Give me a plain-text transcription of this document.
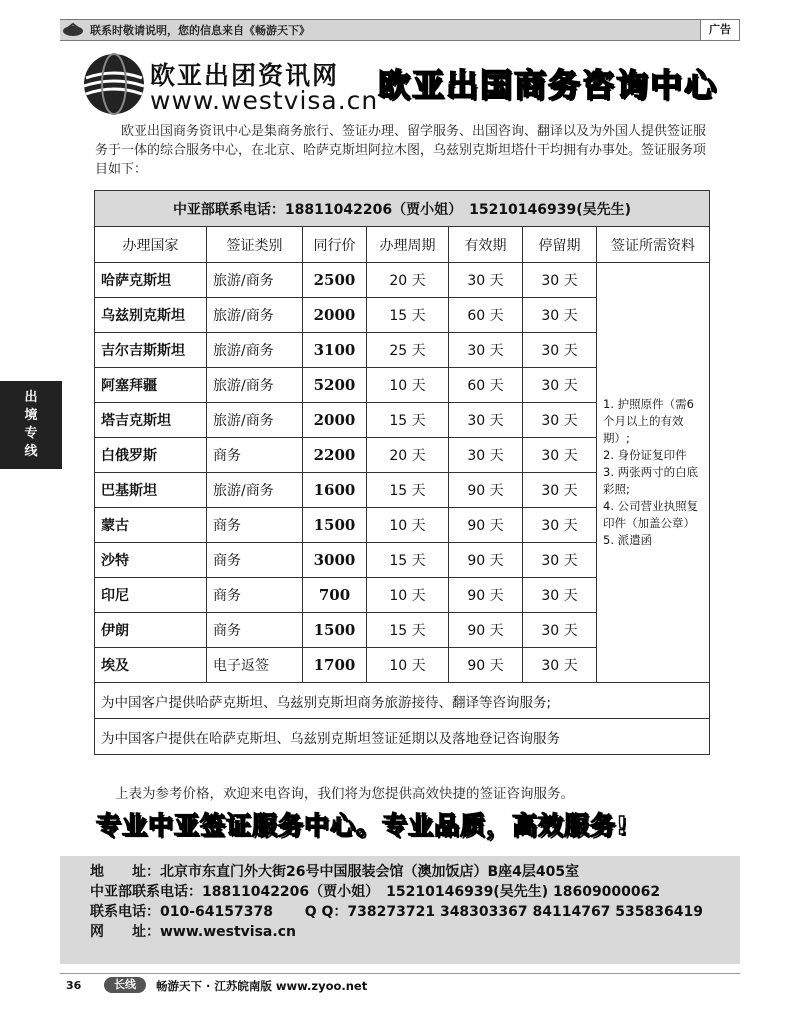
联系时敬请说明，您的信息来自《畅游天下》	广告
出境专线
欧亚出团资讯网
www.westvisa.cn 欧亚出国商务咨询中心
欧亚出国商务资讯中心是集商务旅行、签证办理、留学服务、出国咨询、翻译以及为外国人提供签证服务于一体的综合服务中心，在北京、哈萨克斯坦阿拉木图，乌兹别克斯坦塔什干均拥有办事处。签证服务项目如下：
中亚部联系电话：18811042206（贾小姐）　15210146939(吴先生)						
办理国家	签证类别	同行价	办理周期	有效期	停留期	签证所需资料
哈萨克斯坦	旅游/商务	2500	20 天	30 天	30 天	1. 护照原件（需6个月以上的有效期）;
2. 身份证复印件
3. 两张两寸的白底彩照;
4. 公司营业执照复印件（加盖公章）
5. 派遣函

乌兹别克斯坦	旅游/商务	2000	15 天	60 天	30 天	
吉尔吉斯斯坦	旅游/商务	3100	25 天	30 天	30 天	
阿塞拜疆	旅游/商务	5200	10 天	60 天	30 天	
塔吉克斯坦	旅游/商务	2000	15 天	30 天	30 天	
白俄罗斯	商务	2200	20 天	30 天	30 天	
巴基斯坦	旅游/商务	1600	15 天	90 天	30 天	
蒙古	商务	1500	10 天	90 天	30 天	
沙特	商务	3000	15 天	90 天	30 天	
印尼	商务	700	10 天	90 天	30 天	
伊朗	商务	1500	15 天	90 天	30 天	
埃及	电子返签	1700	10 天	90 天	30 天	
为中国客户提供哈萨克斯坦、乌兹别克斯坦商务旅游接待、翻译等咨询服务;						
为中国客户提供在哈萨克斯坦、乌兹别克斯坦签证延期以及落地登记咨询服务						
上表为参考价格，欢迎来电咨询，我们将为您提供高效快捷的签证咨询服务。
专业中亚签证服务中心。专业品质，高效服务!
地　　址：北京市东直门外大街26号中国服装会馆（澳加饭店）B座4层405室
中亚部联系电话：18811042206（贾小姐）　15210146939(吴先生) 18609000062
联系电话：010-64157378 Q Q：738273721 348303367 84114767 535836419
网　　址：www.westvisa.cn
36	长线	畅游天下 · 江苏皖南版 www.zyoo.net
